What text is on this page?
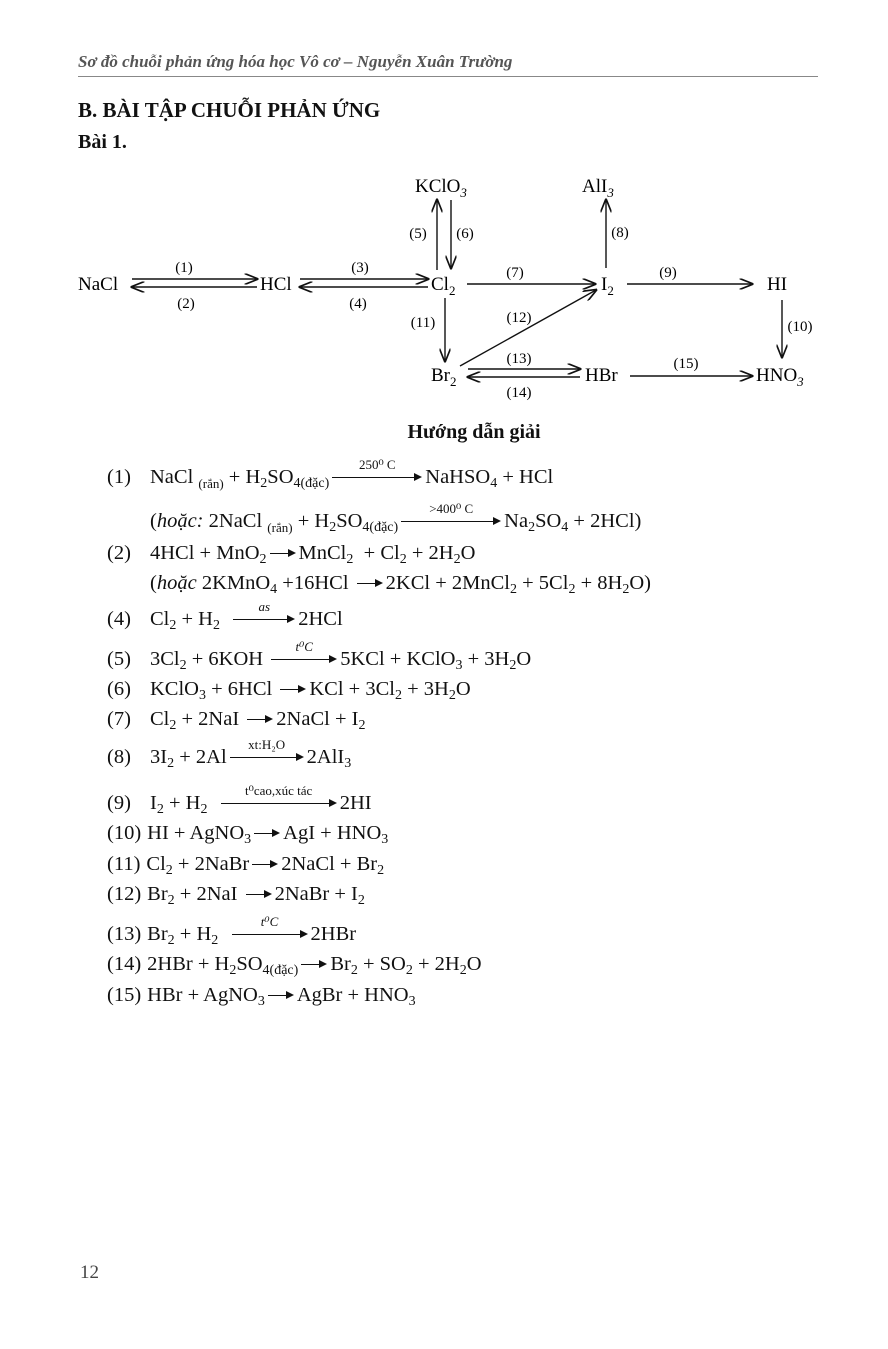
Sơ đồ chuỗi phản ứng hóa học Vô cơ – Nguyễn Xuân Trường
B. BÀI TẬP CHUỖI PHẢN ỨNG
Bài 1.
NaCl	HCl	$Cl_2$
KClO$_3$	AlI$_3$
$I_2$	HI
$Br_2$	HBr	$HNO_3$
(1)
(2)
(3)
(4)
(5) (6)
(7)
(8)
(9)
(10)
(11)	(12)
(13)
(14)
(15)
Hướng dẫn giải
(1) NaCl $_{(rắn)} + H_2SO_{4(đặc)}$
250⁰ C
NaHSO$_4$ + HCl
(hoặc: 2NaCl $_{(rắn)} + H_2SO_{4(đặc)}$
>400⁰ C
$Na_2SO_4 + 2HCl$)
(2) 4HCl + MnO$_2$ MnCl$_2$  + $Cl_2 + 2H_2O$
(hoặc 2KMnO$_4$ +16HCl
2KCl + 2MnCl$_2$ + $5Cl_2 + 8H_2O$)
(4) $Cl_2 + H_2$
as
2HCl
(5) $3Cl_2 + 6KOH$
t⁰C
5KCl + KClO$_3$ + $3H_2O$
(6) KClO$_3$ + 6HCl
KCl + $3Cl_2 + 3H_2O$
(7) $Cl_2 + 2NaI$
2NaCl + $I_2$
(8) $3I_2 + 2Al$
xt:H₂O
2AlI$_3$
(9) $I_2 + H_2$
t⁰cao,xúc tác
2HI
(10) HI + AgNO$_3$ AgI + $HNO_3$
(11) $Cl_2$ + 2NaBr 2NaCl + $Br_2$
(12) $Br_2 + 2NaI$
2NaBr + $I_2$
(13) $Br_2 + H_2$
t⁰C
2HBr
(14) $2HBr + H_2SO_{4(đặc)}$ $Br_2 + SO_2 + 2H_2O$
(15) HBr + AgNO$_3$ AgBr + $HNO_3$
12
